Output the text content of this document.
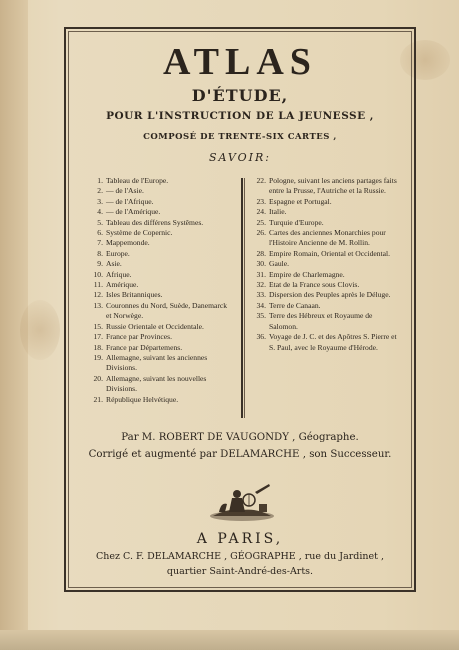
ATLAS
D'ÉTUDE,
POUR L'INSTRUCTION DE LA JEUNESSE ,
COMPOSÉ DE TRENTE-SIX CARTES ,
SAVOIR:
1. Tableau de l'Europe.
2. — de l'Asie.
3. — de l'Afrique.
4. — de l'Amérique.
5. Tableau des différens Systêmes.
6. Système de Copernic.
7. Mappemonde.
8. Europe.
9. Asie.
10. Afrique.
11. Amérique.
12. Isles Britanniques.
13. Couronnes du Nord, Suède, Danemarck et Norwège.
15. Russie Orientale et Occidentale.
17. France par Provinces.
18. France par Départemens.
19. Allemagne, suivant les anciennes Divisions.
20. Allemagne, suivant les nouvelles Divisions.
21. République Helvétique.
22. Pologne, suivant les anciens partages faits entre la Prusse, l'Autriche et la Russie.
23. Espagne et Portugal.
24. Italie.
25. Turquie d'Europe.
26. Cartes des anciennes Monarchies pour l'Histoire Ancienne de M. Rollin.
28. Empire Romain, Oriental et Occidental.
30. Gaule.
31. Empire de Charlemagne.
32. Etat de la France sous Clovis.
33. Dispersion des Peuples après le Déluge.
34. Terre de Canaan.
35. Terre des Hébreux et Royaume de Salomon.
36. Voyage de J. C. et des Apôtres S. Pierre et S. Paul, avec le Royaume d'Hérode.
Par M. ROBERT DE VAUGONDY , Géographe.
Corrigé et augmenté par DELAMARCHE , son Successeur.
A PARIS,
Chez C. F. DELAMARCHE , GÉOGRAPHE , rue du Jardinet ,
quartier Saint-André-des-Arts.
